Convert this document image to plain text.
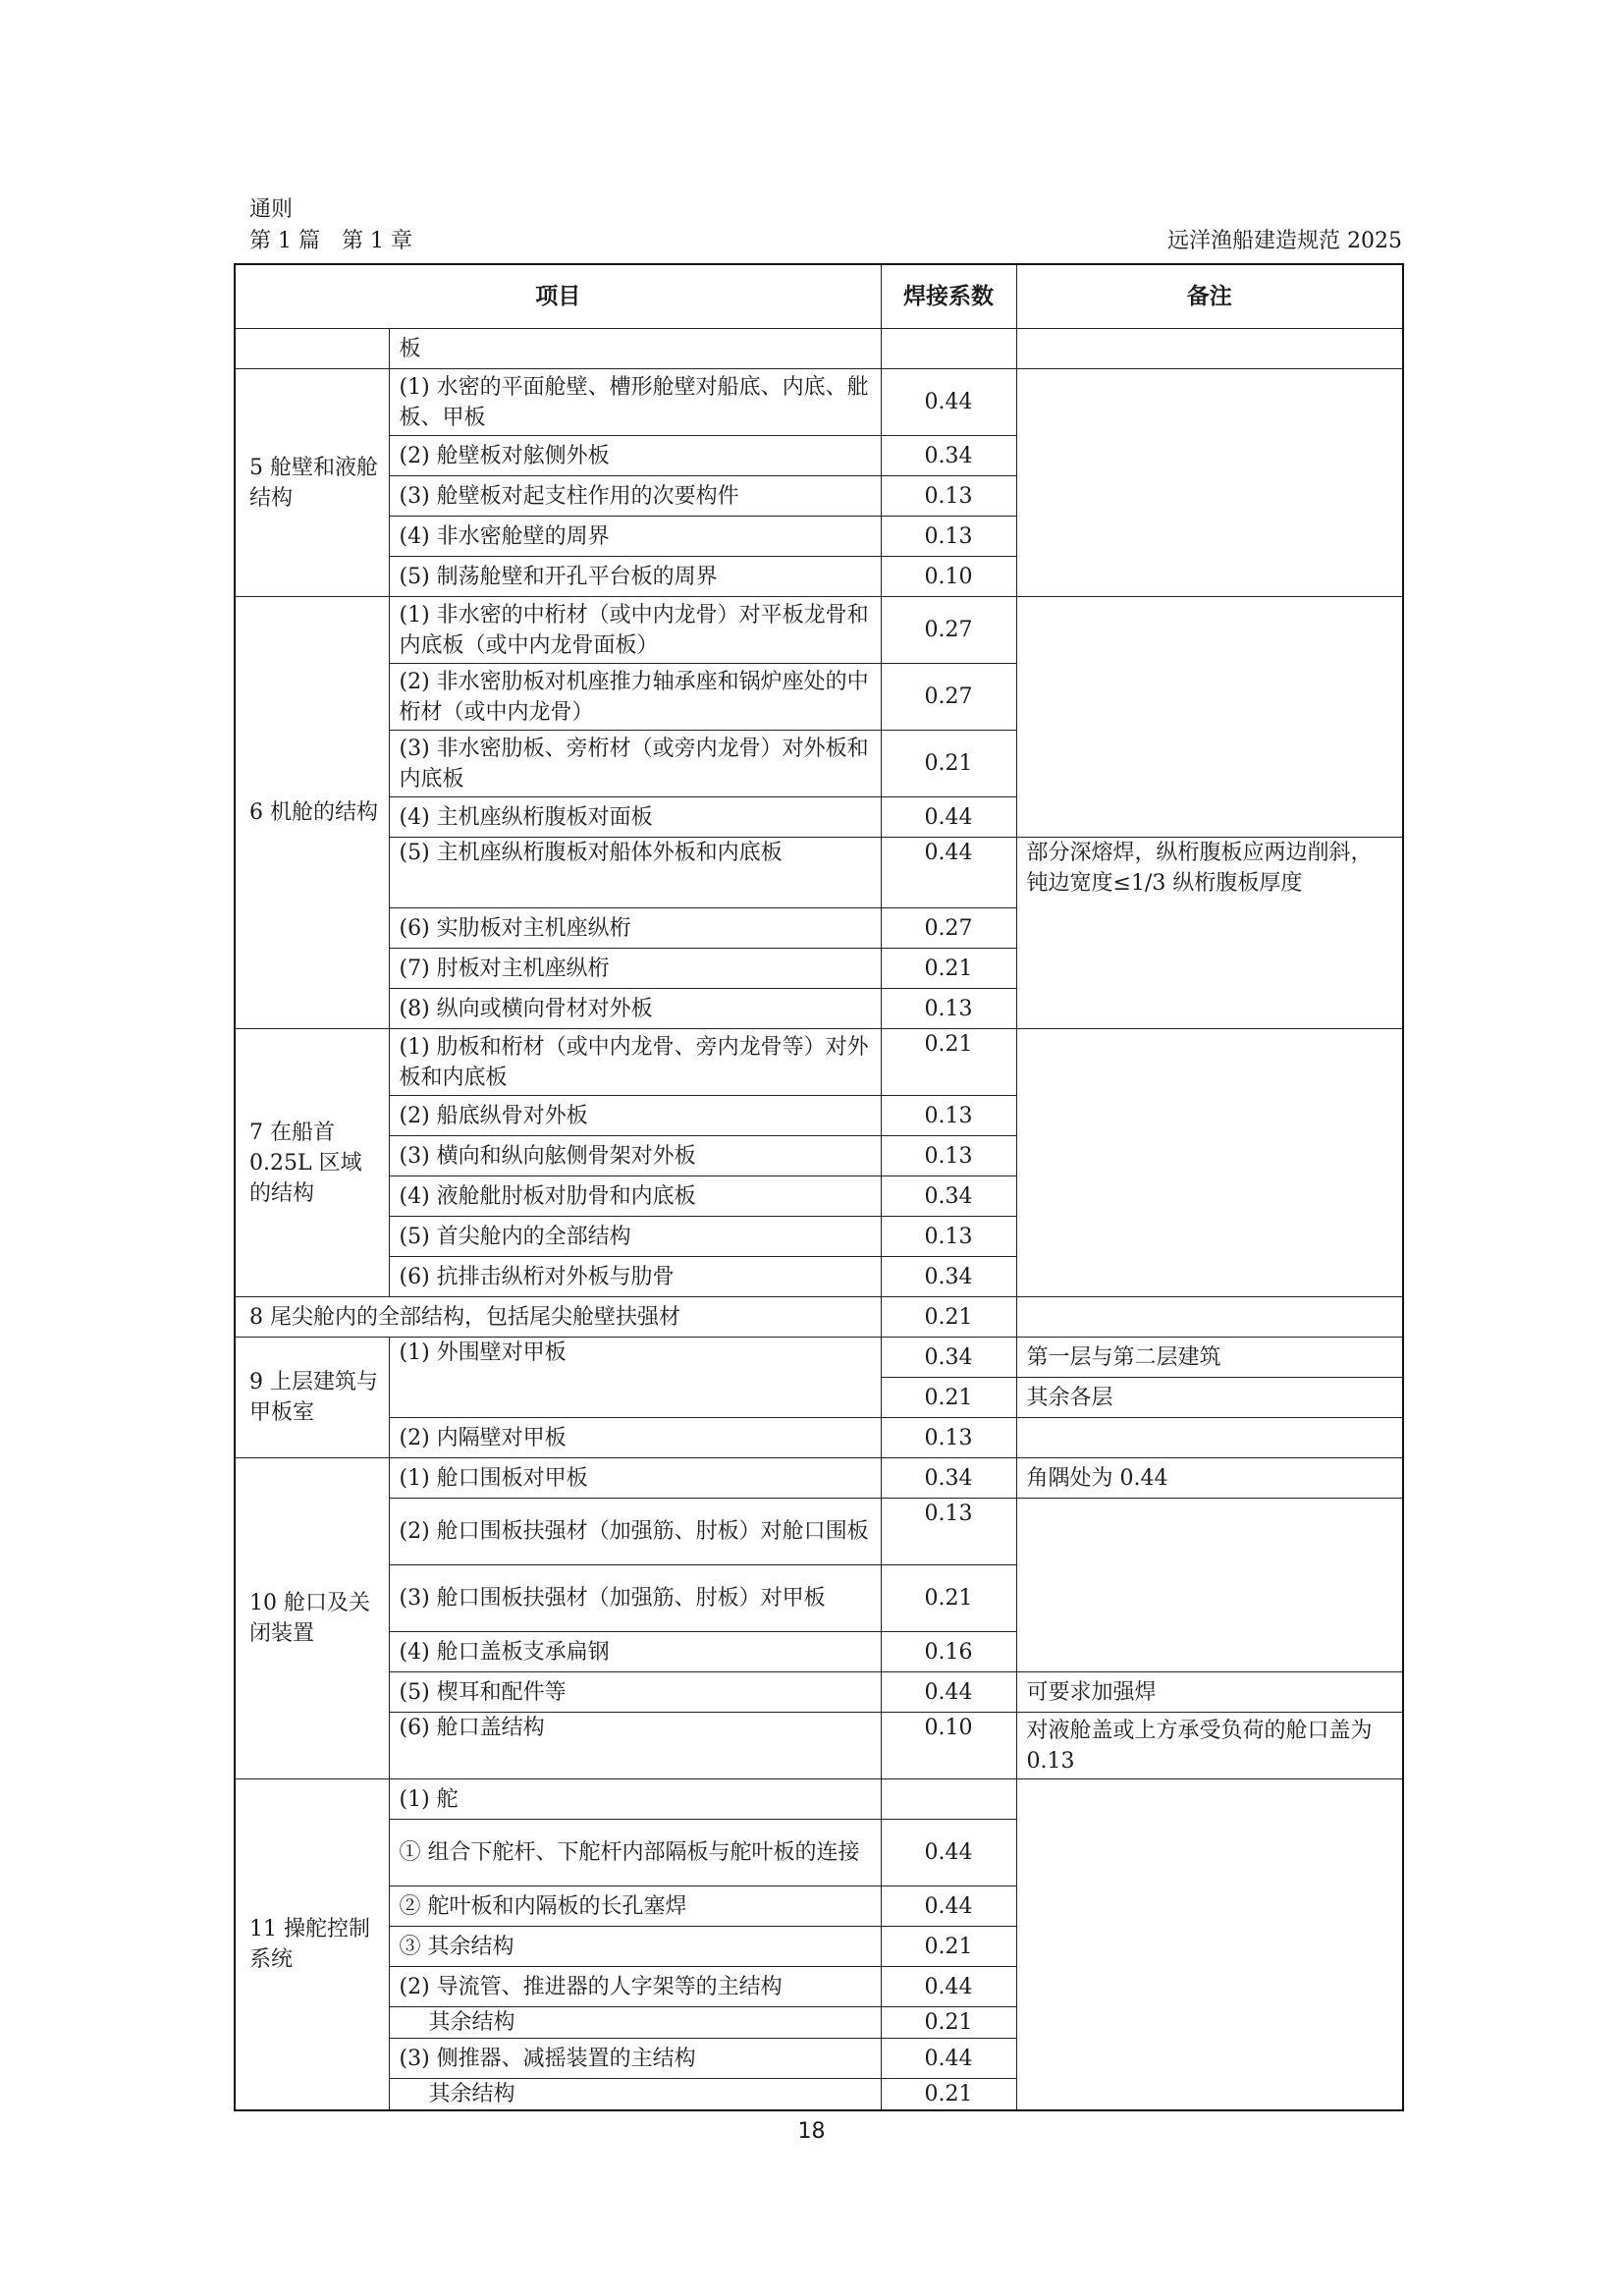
通则
第 1 篇　第 1 章	远洋渔船建造规范 2025
项目		焊接系数	备注
	板		
5 舱壁和液舱结构	(1) 水密的平面舱壁、槽形舱壁对船底、内底、舭板、甲板	0.44	
	(2) 舱壁板对舷侧外板	0.34	
	(3) 舱壁板对起支柱作用的次要构件	0.13	
	(4) 非水密舱壁的周界	0.13	
	(5) 制荡舱壁和开孔平台板的周界	0.10	
6 机舱的结构	(1) 非水密的中桁材（或中内龙骨）对平板龙骨和内底板（或中内龙骨面板）	0.27	
	(2) 非水密肋板对机座推力轴承座和锅炉座处的中桁材（或中内龙骨）	0.27	
	(3) 非水密肋板、旁桁材（或旁内龙骨）对外板和内底板	0.21	
	(4) 主机座纵桁腹板对面板	0.44	
	(5) 主机座纵桁腹板对船体外板和内底板	0.44	部分深熔焊，纵桁腹板应两边削斜，钝边宽度≤1/3 纵桁腹板厚度
	(6) 实肋板对主机座纵桁	0.27	
	(7) 肘板对主机座纵桁	0.21	
	(8) 纵向或横向骨材对外板	0.13	
7 在船首 0.25L 区域的结构	(1) 肋板和桁材（或中内龙骨、旁内龙骨等）对外板和内底板	0.21	
	(2) 船底纵骨对外板	0.13	
	(3) 横向和纵向舷侧骨架对外板	0.13	
	(4) 液舱舭肘板对肋骨和内底板	0.34	
	(5) 首尖舱内的全部结构	0.13	
	(6) 抗排击纵桁对外板与肋骨	0.34	
8 尾尖舱内的全部结构，包括尾尖舱壁扶强材		0.21	
9 上层建筑与甲板室	(1) 外围壁对甲板	0.34	第一层与第二层建筑
		0.21	其余各层
	(2) 内隔壁对甲板	0.13	
10 舱口及关闭装置	(1) 舱口围板对甲板	0.34	角隅处为 0.44
	(2) 舱口围板扶强材（加强筋、肘板）对舱口围板	0.13	
	(3) 舱口围板扶强材（加强筋、肘板）对甲板	0.21	
	(4) 舱口盖板支承扁钢	0.16	
	(5) 楔耳和配件等	0.44	可要求加强焊
	(6) 舱口盖结构	0.10	对液舱盖或上方承受负荷的舱口盖为 0.13
11 操舵控制系统	(1) 舵		
	① 组合下舵杆、下舵杆内部隔板与舵叶板的连接	0.44	
	② 舵叶板和内隔板的长孔塞焊	0.44	
	③ 其余结构	0.21	
	(2) 导流管、推进器的人字架等的主结构	0.44	

	其余结构	0.21	
	(3) 侧推器、减摇装置的主结构	0.44	

	其余结构	0.21	
18
